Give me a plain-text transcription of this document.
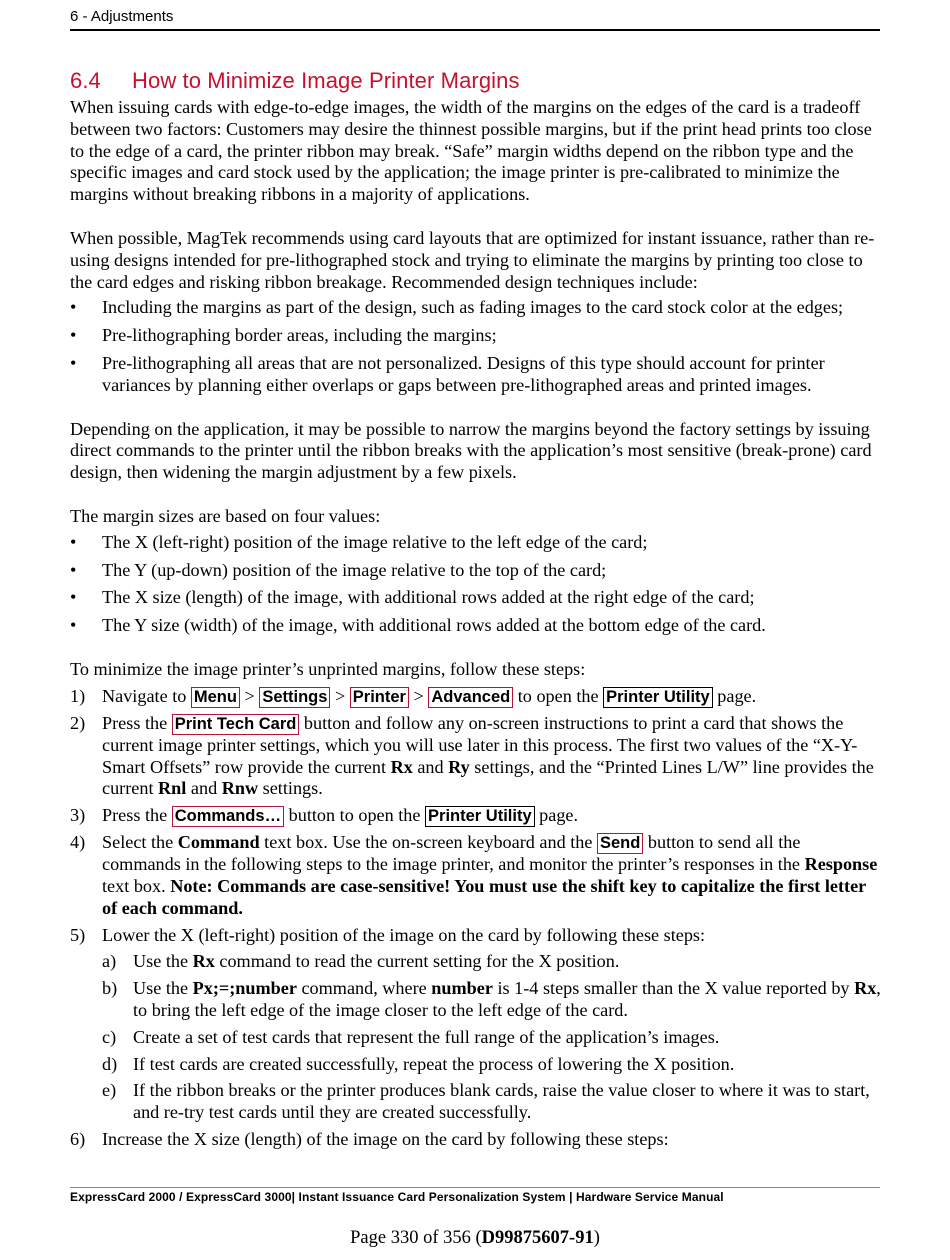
6 - Adjustments
6.4 How to Minimize Image Printer Margins

When issuing cards with edge-to-edge images, the width of the margins on the edges of the card is a tradeoff between two factors: Customers may desire the thinnest possible margins, but if the print head prints too close to the edge of a card, the printer ribbon may break. “Safe” margin widths depend on the ribbon type and the specific images and card stock used by the application; the image printer is pre-calibrated to minimize the margins without breaking ribbons in a majority of applications.

When possible, MagTek recommends using card layouts that are optimized for instant issuance, rather than re-using designs intended for pre-lithographed stock and trying to eliminate the margins by printing too close to the card edges and risking ribbon breakage. Recommended design techniques include:

• Including the margins as part of the design, such as fading images to the card stock color at the edges;
• Pre-lithographing border areas, including the margins;
• Pre-lithographing all areas that are not personalized. Designs of this type should account for printer variances by planning either overlaps or gaps between pre-lithographed areas and printed images.

Depending on the application, it may be possible to narrow the margins beyond the factory settings by issuing direct commands to the printer until the ribbon breaks with the application’s most sensitive (break-prone) card design, then widening the margin adjustment by a few pixels.

The margin sizes are based on four values:

• The X (left-right) position of the image relative to the left edge of the card;
• The Y (up-down) position of the image relative to the top of the card;
• The X size (length) of the image, with additional rows added at the right edge of the card;
• The Y size (width) of the image, with additional rows added at the bottom edge of the card.

To minimize the image printer’s unprinted margins, follow these steps:

1) Navigate to Menu > Settings > Printer > Advanced to open the Printer Utility page.
2) Press the Print Tech Card button and follow any on-screen instructions to print a card that shows the current image printer settings, which you will use later in this process. The first two values of the “X-Y-Smart Offsets” row provide the current Rx and Ry settings, and the “Printed Lines L/W” line provides the current Rnl and Rnw settings.
3) Press the Commands… button to open the Printer Utility page.
4) Select the Command text box. Use the on-screen keyboard and the Send button to send all the commands in the following steps to the image printer, and monitor the printer’s responses in the Response text box. Note: Commands are case-sensitive! You must use the shift key to capitalize the first letter of each command.
5) Lower the X (left-right) position of the image on the card by following these steps:
a) Use the Rx command to read the current setting for the X position.
b) Use the Px;=;number command, where number is 1-4 steps smaller than the X value reported by Rx, to bring the left edge of the image closer to the left edge of the card.
c) Create a set of test cards that represent the full range of the application’s images.
d) If test cards are created successfully, repeat the process of lowering the X position.
e) If the ribbon breaks or the printer produces blank cards, raise the value closer to where it was to start, and re-try test cards until they are created successfully.
6) Increase the X size (length) of the image on the card by following these steps:
ExpressCard 2000 / ExpressCard 3000| Instant Issuance Card Personalization System | Hardware Service Manual
Page 330 of 356 (D99875607-91)
